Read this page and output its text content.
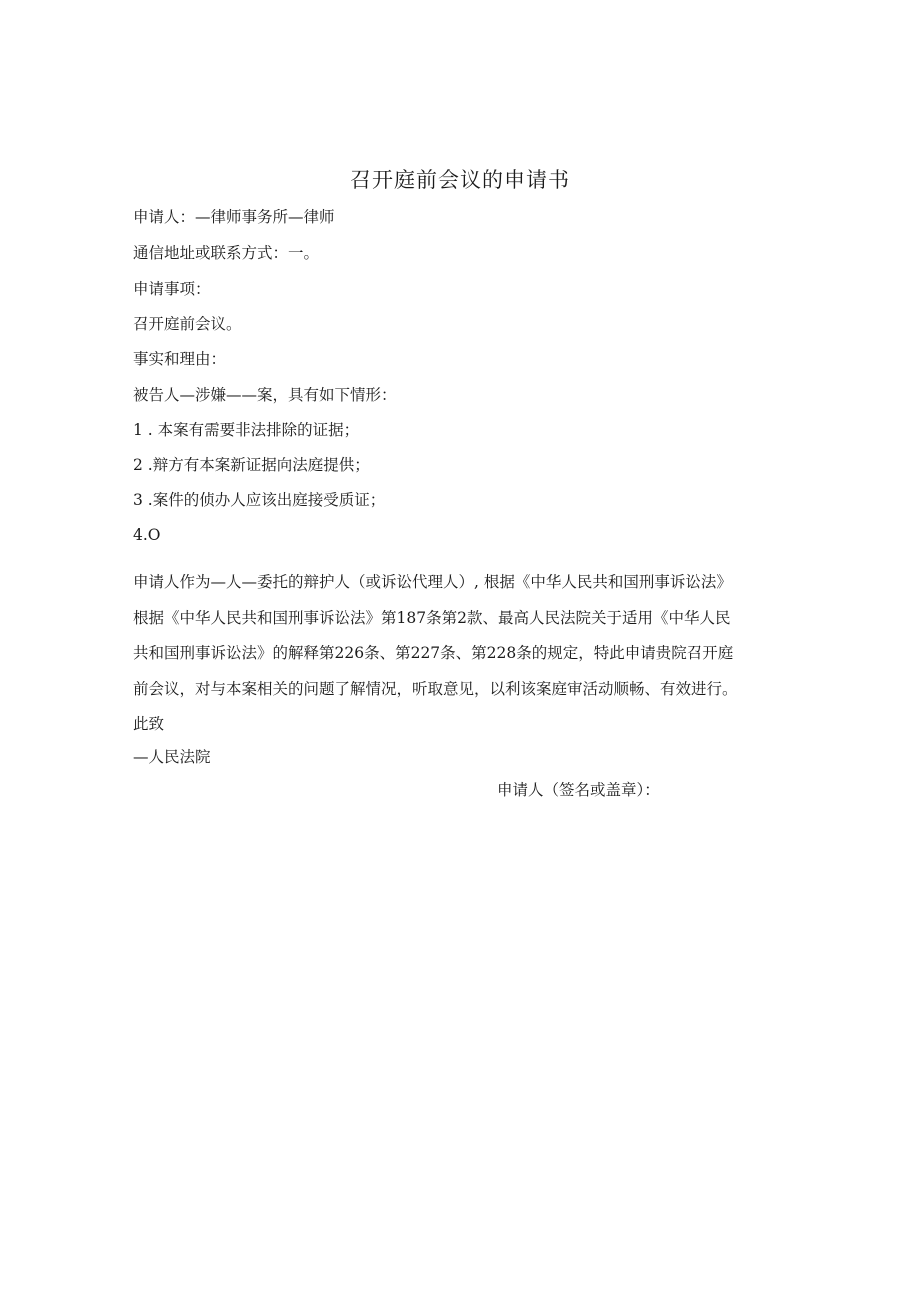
召开庭前会议的申请书
申请人：—律师事务所—律师
通信地址或联系方式：一。
申请事项：
召开庭前会议。
事实和理由：
被告人—涉嫌——案，具有如下情形：
1 . 本案有需要非法排除的证据；
2 .辩方有本案新证据向法庭提供；
3 .案件的侦办人应该出庭接受质证；
4.O
申请人作为—人—委托的辩护人（或诉讼代理人）, 根据《中华人民共和国刑事诉讼法》
根据《中华人民共和国刑事诉讼法》第187条第2款、最高人民法院关于适用《中华人民
共和国刑事诉讼法》的解释第226条、第227条、第228条的规定，特此申请贵院召开庭
前会议，对与本案相关的问题了解情况，听取意见，以利该案庭审活动顺畅、有效进行。
此致
—人民法院
申请人（签名或盖章）：
